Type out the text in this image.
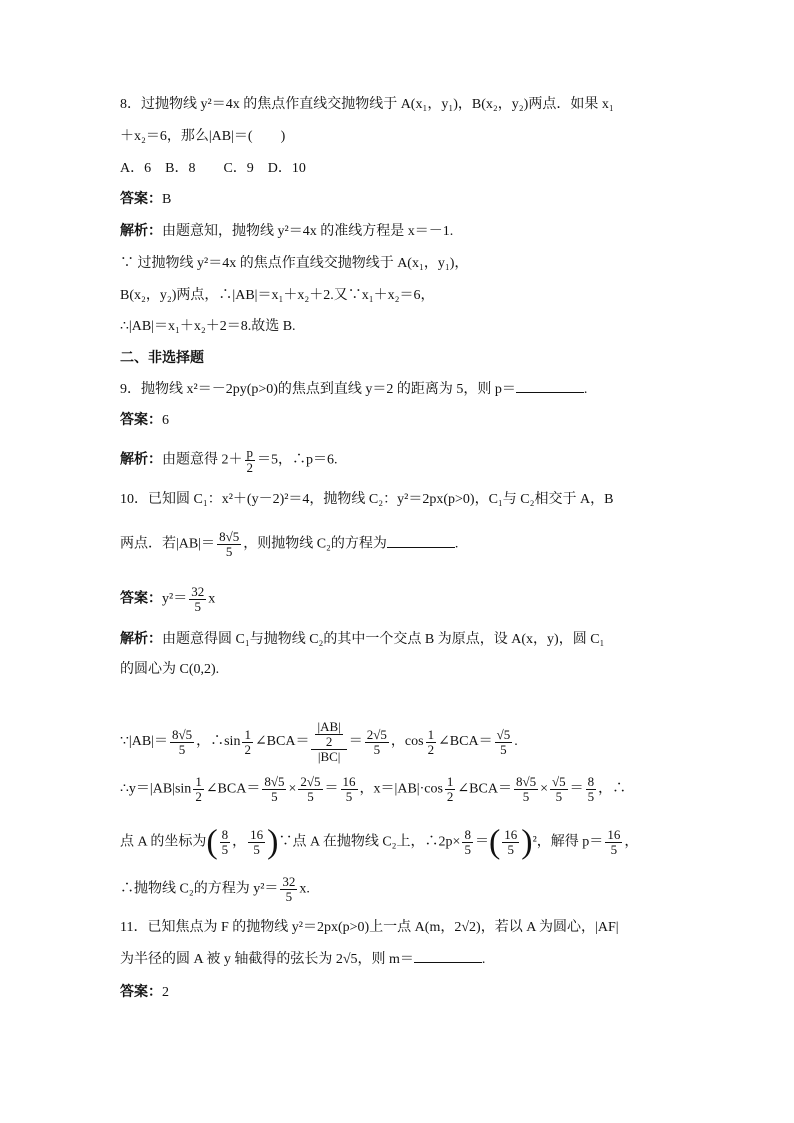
8．过抛物线 y²＝4x 的焦点作直线交抛物线于 A(x₁，y₁)，B(x₂，y₂)两点．如果 x₁
＋x₂＝6，那么|AB|＝(　　)
A．6　B．8　　C．9　D．10
答案：B
解析：由题意知，抛物线 y²＝4x 的准线方程是 x＝－1.
∵ 过抛物线 y²＝4x 的焦点作直线交抛物线于 A(x₁，y₁)，
B(x₂，y₂)两点，∴|AB|＝x₁＋x₂＋2.又∵x₁＋x₂＝6，
∴|AB|＝x₁＋x₂＋2＝8.故选 B.
二、非选择题
9．抛物线 x²＝－2py(p>0)的焦点到直线 y＝2 的距离为 5，则 p＝	.
答案：6
解析：由题意得 $2+ \frac{p}{2} =5$，∴p＝6.
10．已知圆 C₁：x²＋(y－2)²＝4，抛物线 C₂：y²＝2px(p>0)，C₁与 C₂相交于 A，B
两点．若$|AB|= \frac{8√5}{5}$ ，则抛物线 C₂的方程为	.
答案：$y^2= \frac{32}{5}$ x
解析：由题意得圆 C₁与抛物线 C₂的其中一个交点 B 为原点，设 A(x，y)，圆 C₁
的圆心为 C(0,2).
∵|AB|＝ $\frac{8√5}{5}$ ，∴sin $\frac{1}{2}$ ∠BCA＝ |AB|
2
$|BC| = \frac{2√5}{5}$ ，$\cos \frac{1}{2}$ ∠BCA＝ $\frac{√5}{5}$ .
∴y＝|AB|sin $\frac{1}{2}$ ∠BCA＝ $\frac{8√5}{5} \times \frac{2√5}{5} = \frac{16}{5}$ ，$x=|AB|\cdot\cos \frac{1}{2}$ ∠BCA＝ $\frac{8√5}{5} \times \frac{√5}{5} = \frac{8}{5}$ ，∴
点 A 的坐标为( $\frac{8}{5}$ ， $\frac{16}{5}$ )∵点 A 在抛物线 C₂上，∴2p× $\frac{8}{5}$ ＝( $\frac{16}{5} )^2$，解得 $p= \frac{16}{5}$ ，
∴抛物线 C₂的方程为 $y^2= \frac{32}{5} x$.
11．已知焦点为 F 的抛物线 y²＝2px(p>0)上一点 A(m，2√2)，若以 A 为圆心，|AF|
为半径的圆 A 被 y 轴截得的弦长为 2√5，则 m＝	.
答案：2
